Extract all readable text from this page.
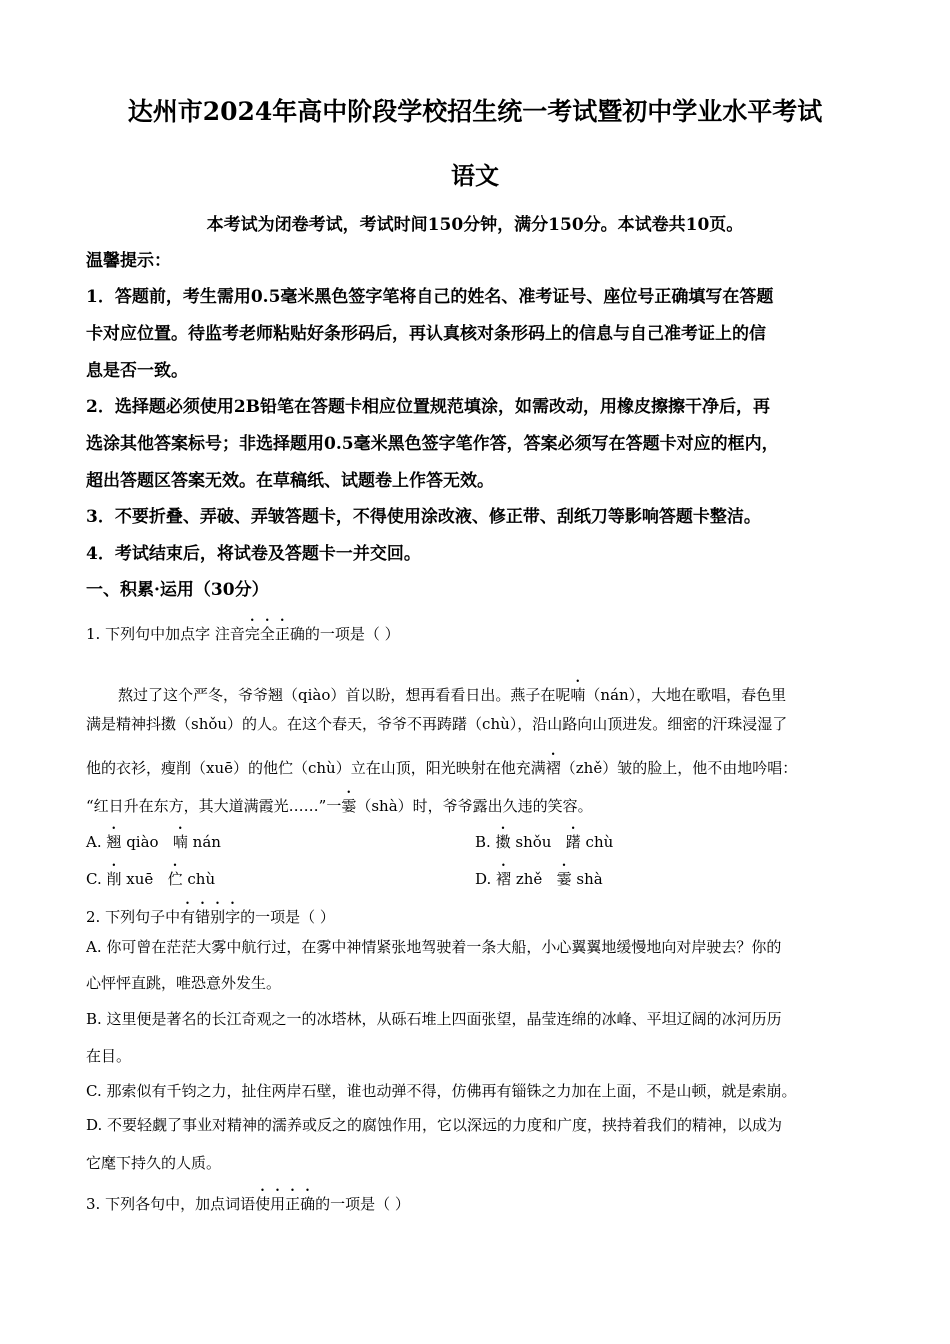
达州市2024年高中阶段学校招生统一考试暨初中学业水平考试
语文
本考试为闭卷考试，考试时间150分钟，满分150分。本试卷共10页。
温馨提示：
1．答题前，考生需用0.5毫米黑色签字笔将自己的姓名、准考证号、座位号正确填写在答题
卡对应位置。待监考老师粘贴好条形码后，再认真核对条形码上的信息与自己准考证上的信
息是否一致。
2．选择题必须使用2B铅笔在答题卡相应位置规范填涂，如需改动，用橡皮擦擦干净后，再
选涂其他答案标号；非选择题用0.5毫米黑色签字笔作答，答案必须写在答题卡对应的框内，
超出答题区答案无效。在草稿纸、试题卷上作答无效。
3．不要折叠、弄破、弄皱答题卡，不得使用涂改液、修正带、刮纸刀等影响答题卡整洁。
4．考试结束后，将试卷及答题卡一并交回。
一、积累·运用（30分）
1. 下列句中加点字 注音完全正确的一项是（ ）
熬过了这个严冬，爷爷翘（qiào）首以盼，想再看看日出。燕子在呢喃（nán），大地在歌唱，春色里
满是精神抖擞（shǒu）的人。在这个春天，爷爷不再踌躇（chù），沿山路向山顶进发。细密的汗珠浸湿了
他的衣衫，瘦削（xuē）的他伫（chù）立在山顶，阳光映射在他充满褶（zhě）皱的脸上，他不由地吟唱：
“红日升在东方，其大道满霞光……”一霎（shà）时，爷爷露出久违的笑容。
A. 翘 qiào 喃 nán	B. 擞 shǒu 躇 chù
C. 削 xuē 伫 chù	D. 褶 zhě 霎 shà
2. 下列句子中有错别字的一项是（ ）
A. 你可曾在茫茫大雾中航行过，在雾中神情紧张地驾驶着一条大船，小心翼翼地缓慢地向对岸驶去？你的
心怦怦直跳，唯恐意外发生。
B. 这里便是著名的长江奇观之一的冰塔林，从砾石堆上四面张望，晶莹连绵的冰峰、平坦辽阔的冰河历历
在目。
C. 那索似有千钧之力，扯住两岸石壁，谁也动弹不得，仿佛再有锱铢之力加在上面，不是山顿，就是索崩。
D. 不要轻觑了事业对精神的濡养或反之的腐蚀作用，它以深远的力度和广度，挟持着我们的精神，以成为
它麾下持久的人质。
3. 下列各句中，加点词语使用正确的一项是（ ）
